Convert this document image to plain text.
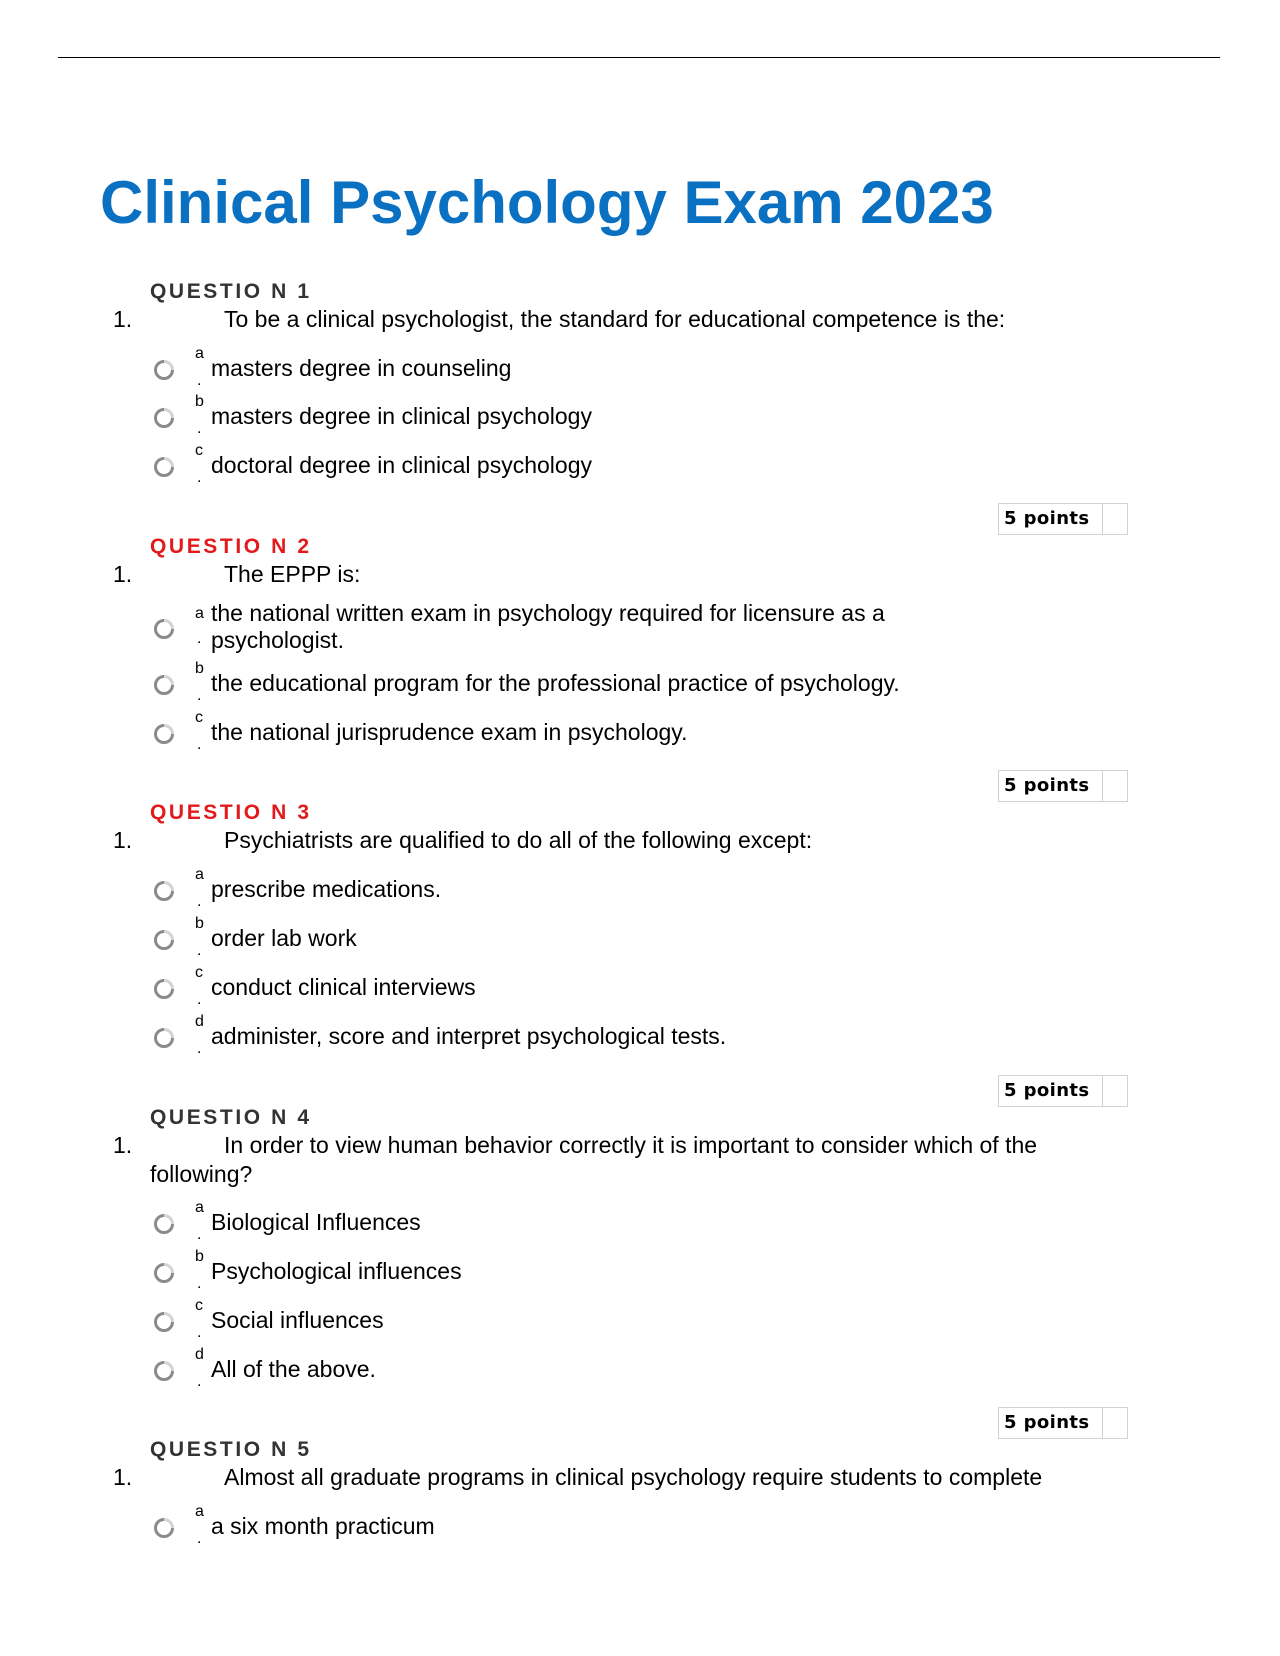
Clinical Psychology Exam 2023
QUESTIO N 1
1.	To be a clinical psychologist, the standard for educational competence is the:
a
. masters degree in counseling
b
. masters degree in clinical psychology
c
. doctoral degree in clinical psychology
5 points
QUESTIO N 2
1.	The EPPP is:
a
.
the national written exam in psychology required for licensure as a psychologist.
b
. the educational program for the professional practice of psychology.
c
. the national jurisprudence exam in psychology.
5 points
QUESTIO N 3
1.	Psychiatrists are qualified to do all of the following except:
a
. prescribe medications.
b
. order lab work
c
. conduct clinical interviews
d
. administer, score and interpret psychological tests.
5 points
QUESTIO N 4
1.	In order to view human behavior correctly it is important to consider which of the following?
a
. Biological Influences
b
. Psychological influences
c
. Social influences
d
. All of the above.
5 points
QUESTIO N 5
1.	Almost all graduate programs in clinical psychology require students to complete
a
. a six month practicum
